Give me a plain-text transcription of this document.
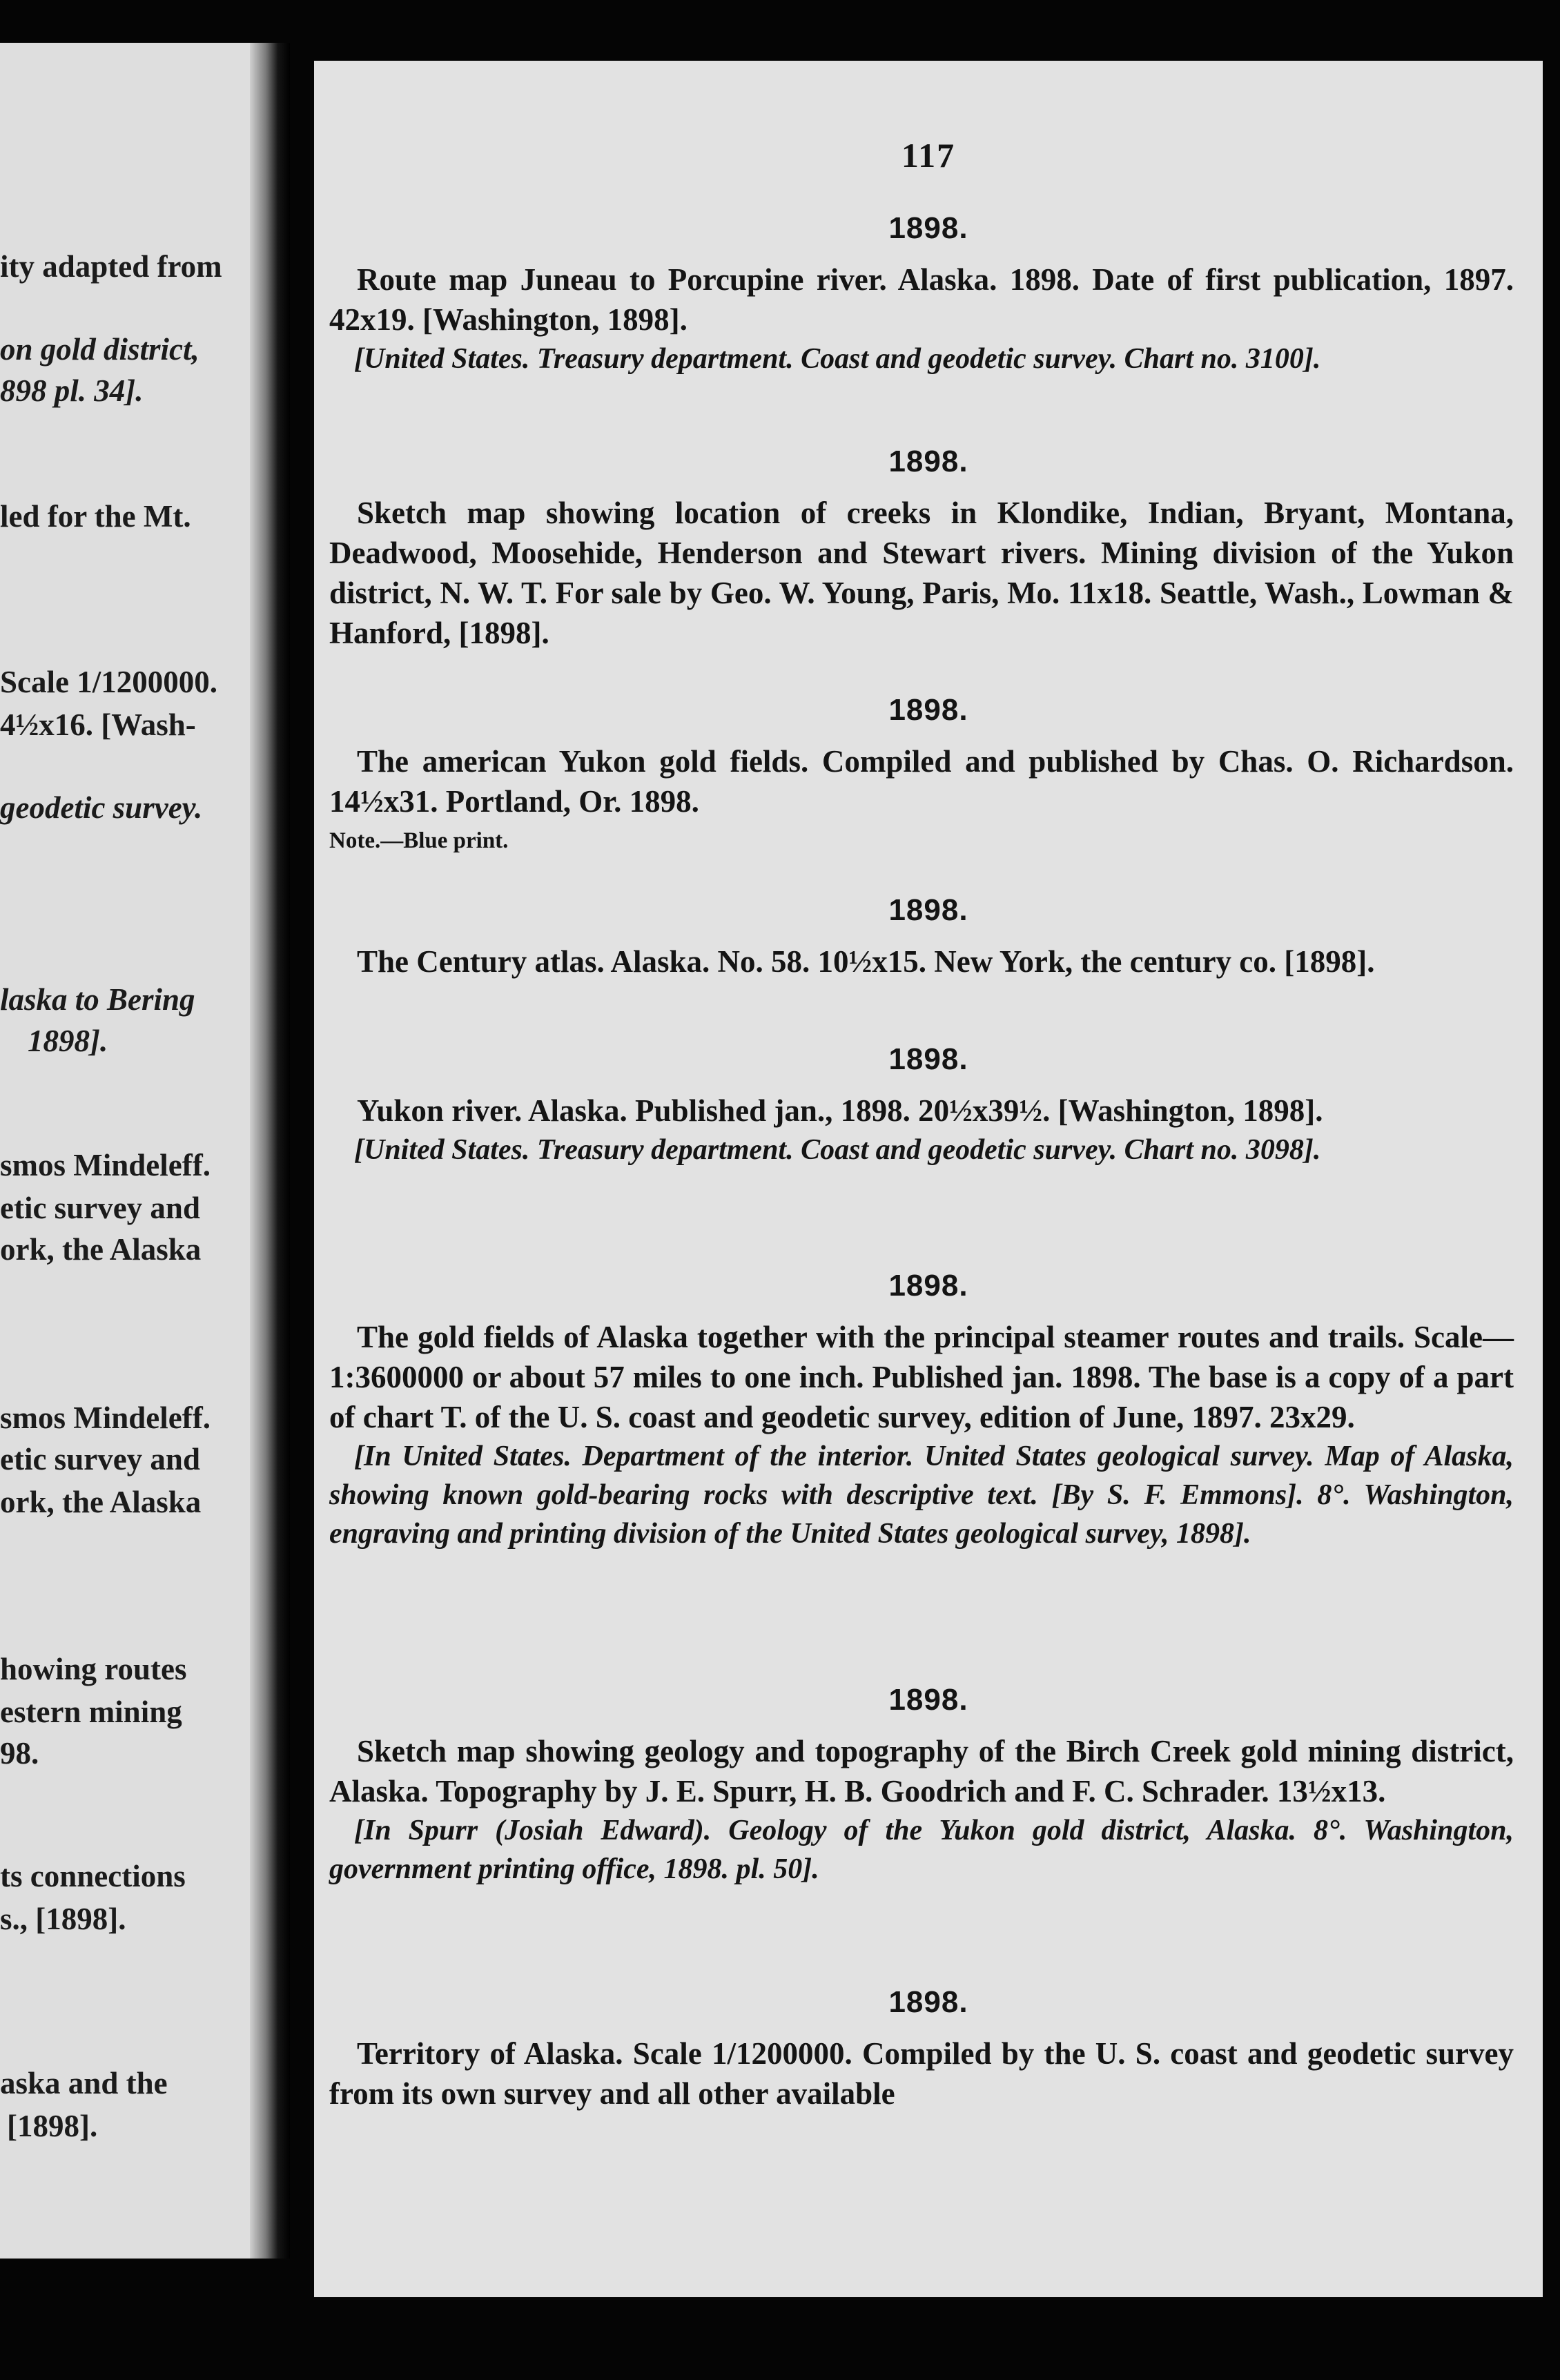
ity adapted from
on gold district,
898 pl. 34].
led for the Mt.
Scale 1/1200000.
4½x16. [Wash-
geodetic survey.
laska to Bering
1898].
smos Mindeleff.
etic survey and
ork, the Alaska
smos Mindeleff.
etic survey and
ork, the Alaska
howing routes
estern mining
98.
ts connections
s., [1898].
aska and the
[1898].
117
1898.
Route map Juneau to Porcupine river. Alaska. 1898. Date of first publication, 1897. 42x19. [Washington, 1898].
[United States. Treasury department. Coast and geodetic survey. Chart no. 3100].
1898.
Sketch map showing location of creeks in Klondike, Indian, Bryant, Montana, Deadwood, Moosehide, Henderson and Stewart rivers. Mining division of the Yukon district, N. W. T. For sale by Geo. W. Young, Paris, Mo. 11x18. Seattle, Wash., Lowman & Hanford, [1898].
1898.
The american Yukon gold fields. Compiled and published by Chas. O. Richardson. 14½x31. Portland, Or. 1898.
Note.—Blue print.
1898.
The Century atlas. Alaska. No. 58. 10½x15. New York, the century co. [1898].
1898.
Yukon river. Alaska. Published jan., 1898. 20½x39½. [Washington, 1898].
[United States. Treasury department. Coast and geodetic survey. Chart no. 3098].
1898.
The gold fields of Alaska together with the principal steamer routes and trails. Scale—1:3600000 or about 57 miles to one inch. Published jan. 1898. The base is a copy of a part of chart T. of the U. S. coast and geodetic survey, edition of June, 1897. 23x29.
[In United States. Department of the interior. United States geological survey. Map of Alaska, showing known gold-bearing rocks with descriptive text. [By S. F. Emmons]. 8°. Washington, engraving and printing division of the United States geological survey, 1898].
1898.
Sketch map showing geology and topography of the Birch Creek gold mining district, Alaska. Topography by J. E. Spurr, H. B. Goodrich and F. C. Schrader. 13½x13.
[In Spurr (Josiah Edward). Geology of the Yukon gold district, Alaska. 8°. Washington, government printing office, 1898. pl. 50].
1898.
Territory of Alaska. Scale 1/1200000. Compiled by the U. S. coast and geodetic survey from its own survey and all other available
